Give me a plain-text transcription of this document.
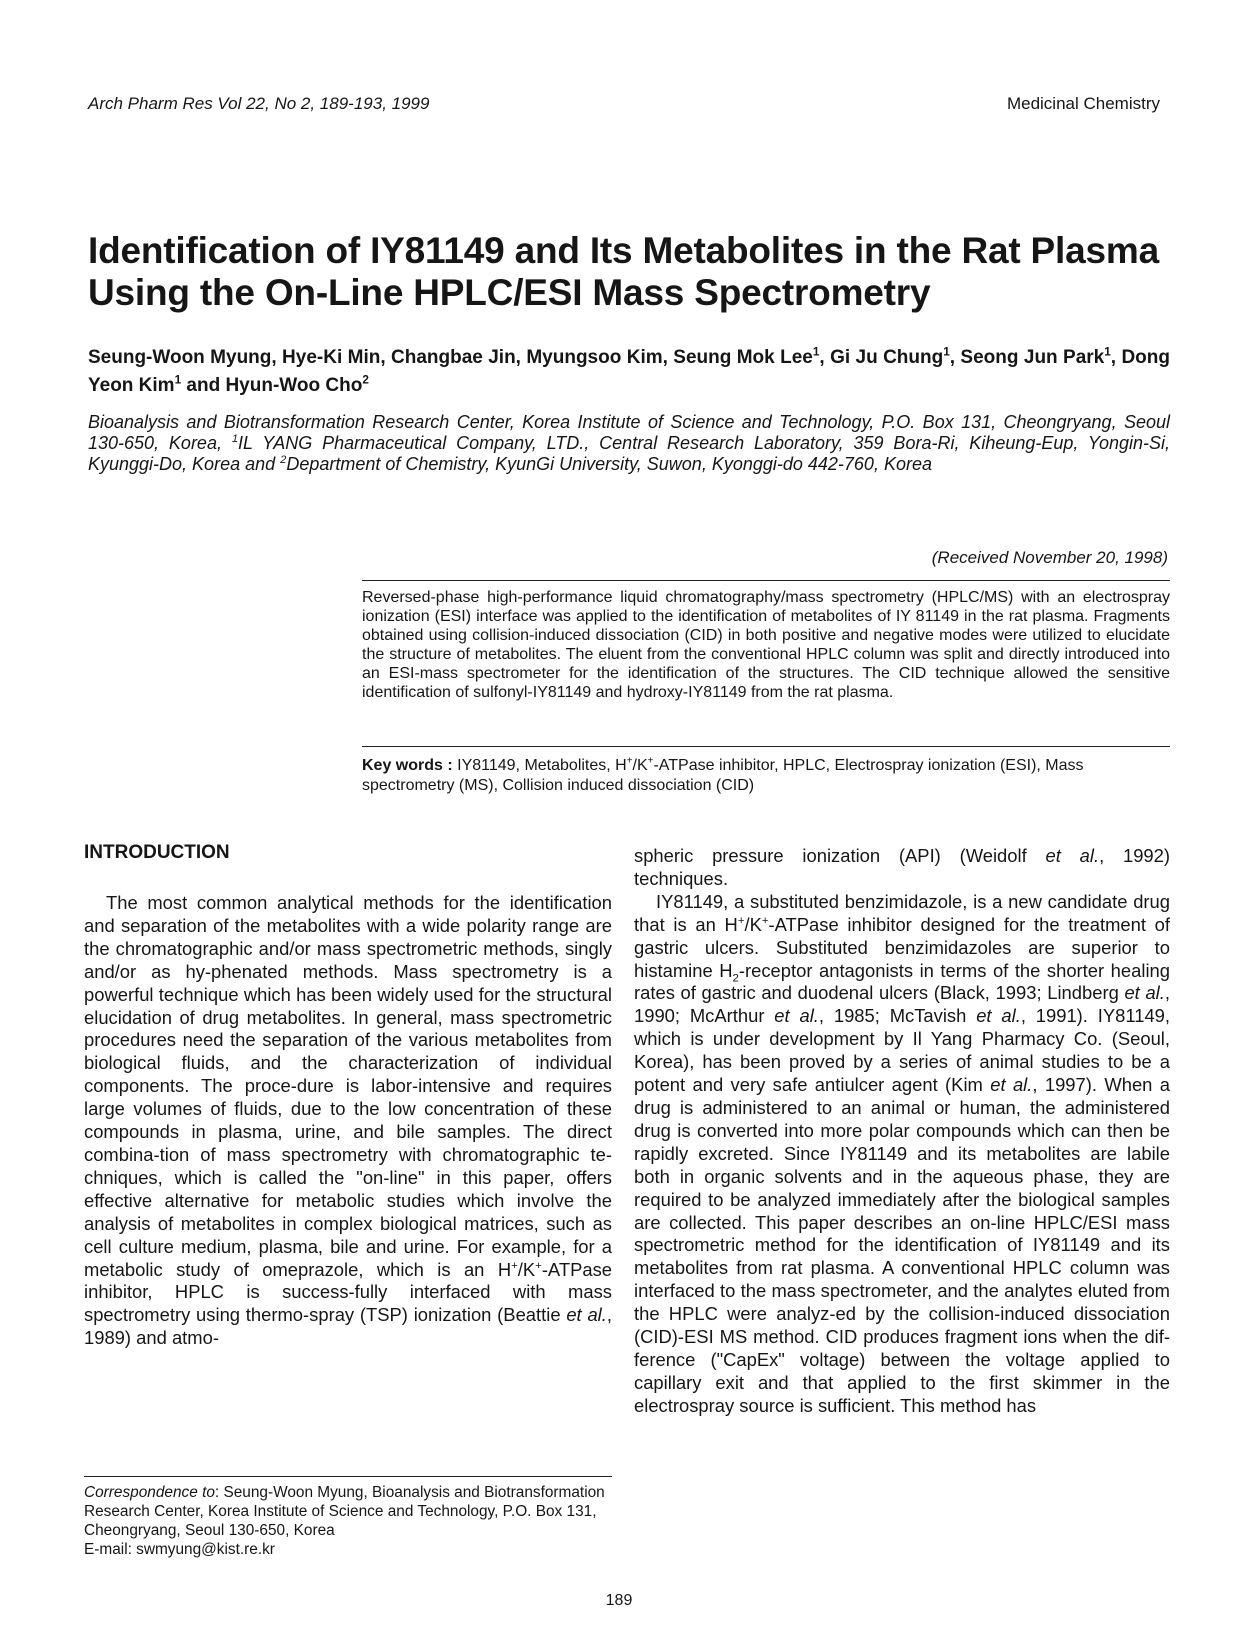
Arch Pharm Res Vol 22, No 2, 189-193, 1999	Medicinal Chemistry
Identification of IY81149 and Its Metabolites in the Rat Plasma Using the On-Line HPLC/ESI Mass Spectrometry
Seung-Woon Myung, Hye-Ki Min, Changbae Jin, Myungsoo Kim, Seung Mok Lee$^1$, Gi Ju Chung$^1$, Seong Jun Park$^1$, Dong Yeon Kim$^1$ and Hyun-Woo Cho$^2$
Bioanalysis and Biotransformation Research Center, Korea Institute of Science and Technology, P.O. Box 131, Cheongryang, Seoul 130-650, Korea, $^1$IL YANG Pharmaceutical Company, LTD., Central Research Laboratory, 359 Bora-Ri, Kiheung-Eup, Yongin-Si, Kyunggi-Do, Korea and $^2$Department of Chemistry, KyunGi University, Suwon, Kyonggi-do 442-760, Korea
(Received November 20, 1998)
Reversed-phase high-performance liquid chromatography/mass spectrometry (HPLC/MS) with an electrospray ionization (ESI) interface was applied to the identification of metabolites of IY 81149 in the rat plasma. Fragments obtained using collision-induced dissociation (CID) in both positive and negative modes were utilized to elucidate the structure of metabolites. The eluent from the conventional HPLC column was split and directly introduced into an ESI-mass spectrometer for the identification of the structures. The CID technique allowed the sensitive identification of sulfonyl-IY81149 and hydroxy-IY81149 from the rat plasma.
Key words : IY81149, Metabolites, H+/K+-ATPase inhibitor, HPLC, Electrospray ionization (ESI), Mass spectrometry (MS), Collision induced dissociation (CID)
INTRODUCTION

The most common analytical methods for the identification and separation of the metabolites with a wide polarity range are the chromatographic and/or mass spectrometric methods, singly and/or as hy-phenated methods. Mass spectrometry is a powerful technique which has been widely used for the structural elucidation of drug metabolites. In general, mass spectrometric procedures need the separation of the various metabolites from biological fluids, and the characterization of individual components. The proce-dure is labor-intensive and requires large volumes of fluids, due to the low concentration of these compounds in plasma, urine, and bile samples. The direct combina-tion of mass spectrometry with chromatographic te-chniques, which is called the "on-line" in this paper, offers effective alternative for metabolic studies which involve the analysis of metabolites in complex biological matrices, such as cell culture medium, plasma, bile and urine. For example, for a metabolic study of omeprazole, which is an H+/K+-ATPase inhibitor, HPLC is success-fully interfaced with mass spectrometry using thermo-spray (TSP) ionization (Beattie et al., 1989) and atmo-

spheric pressure ionization (API) (Weidolf et al., 1992) techniques.

IY81149, a substituted benzimidazole, is a new candidate drug that is an H+/K+-ATPase inhibitor designed for the treatment of gastric ulcers. Substituted benzimidazoles are superior to histamine $H_2$-receptor antagonists in terms of the shorter healing rates of gastric and duodenal ulcers (Black, 1993; Lindberg et al., 1990; McArthur et al., 1985; McTavish et al., 1991). IY81149, which is under development by Il Yang Pharmacy Co. (Seoul, Korea), has been proved by a series of animal studies to be a potent and very safe antiulcer agent (Kim et al., 1997). When a drug is administered to an animal or human, the administered drug is converted into more polar compounds which can then be rapidly excreted. Since IY81149 and its metabolites are labile both in organic solvents and in the aqueous phase, they are required to be analyzed immediately after the biological samples are collected. This paper describes an on-line HPLC/ESI mass spectrometric method for the identification of IY81149 and its metabolites from rat plasma. A conventional HPLC column was interfaced to the mass spectrometer, and the analytes eluted from the HPLC were analyz-ed by the collision-induced dissociation (CID)-ESI MS method. CID produces fragment ions when the dif-ference ("CapEx" voltage) between the voltage applied to capillary exit and that applied to the first skimmer in the electrospray source is sufficient. This method has

Correspondence to: Seung-Woon Myung, Bioanalysis and Biotransformation Research Center, Korea Institute of Science and Technology, P.O. Box 131, Cheongryang, Seoul 130-650, Korea
E-mail: swmyung@kist.re.kr
189
